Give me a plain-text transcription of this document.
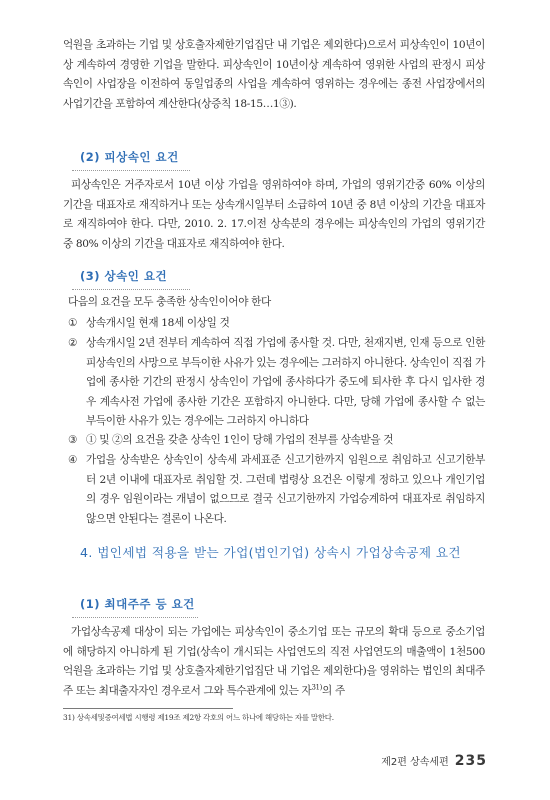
억원을 초과하는 기업 및 상호출자제한기업집단 내 기업은 제외한다)으로서 피상속인이 10년이상 계속하여 경영한 기업을 말한다. 피상속인이 10년이상 계속하여 영위한 사업의 판정시 피상속인이 사업장을 이전하여 동일업종의 사업을 계속하여 영위하는 경우에는 종전 사업장에서의 사업기간을 포함하여 계산한다(상증칙 18-15…1③).

(2) 피상속인 요건

피상속인은 거주자로서 10년 이상 가업을 영위하여야 하며, 가업의 영위기간중 60% 이상의 기간을 대표자로 재직하거나 또는 상속개시일부터 소급하여 10년 중 8년 이상의 기간을 대표자로 재직하여야 한다. 다만, 2010. 2. 17.이전 상속분의 경우에는 피상속인의 가업의 영위기간 중 80% 이상의 기간을 대표자로 재직하여야 한다.

(3) 상속인 요건

다음의 요건을 모두 충족한 상속인이어야 한다

① 상속개시일 현재 18세 이상일 것
② 상속개시일 2년 전부터 계속하여 직접 가업에 종사할 것. 다만, 천재지변, 인재 등으로 인한 피상속인의 사망으로 부득이한 사유가 있는 경우에는 그러하지 아니한다. 상속인이 직접 가업에 종사한 기간의 판정시 상속인이 가업에 종사하다가 중도에 퇴사한 후 다시 입사한 경우 계속사전 가업에 종사한 기간은 포함하지 아니한다. 다만, 당해 가업에 종사할 수 없는 부득이한 사유가 있는 경우에는 그러하지 아니하다
③ ① 및 ②의 요건을 갖춘 상속인 1인이 당해 가업의 전부를 상속받을 것
④ 가업을 상속받은 상속인이 상속세 과세표준 신고기한까지 임원으로 취임하고 신고기한부터 2년 이내에 대표자로 취임할 것. 그런데 법령상 요건은 이렇게 정하고 있으나 개인기업의 경우 임원이라는 개념이 없으므로 결국 신고기한까지 가업승계하여 대표자로 취임하지 않으면 안된다는 결론이 나온다.
4. 법인세법 적용을 받는 가업(법인기업) 상속시 가업상속공제 요건
(1) 최대주주 등 요건

가업상속공제 대상이 되는 가업에는 피상속인이 중소기업 또는 규모의 확대 등으로 중소기업에 해당하지 아니하게 된 기업(상속이 개시되는 사업연도의 직전 사업연도의 매출액이 1천500억원을 초과하는 기업 및 상호출자제한기업집단 내 기업은 제외한다)을 영위하는 법인의 최대주주 또는 최대출자자인 경우로서 그와 특수관계에 있는 자$^{31)}$의 주

31) 상속세및증여세법 시행령 제19조 제2항 각호의 어느 하나에 해당하는 자를 말한다.

제2편 상속세편 235
